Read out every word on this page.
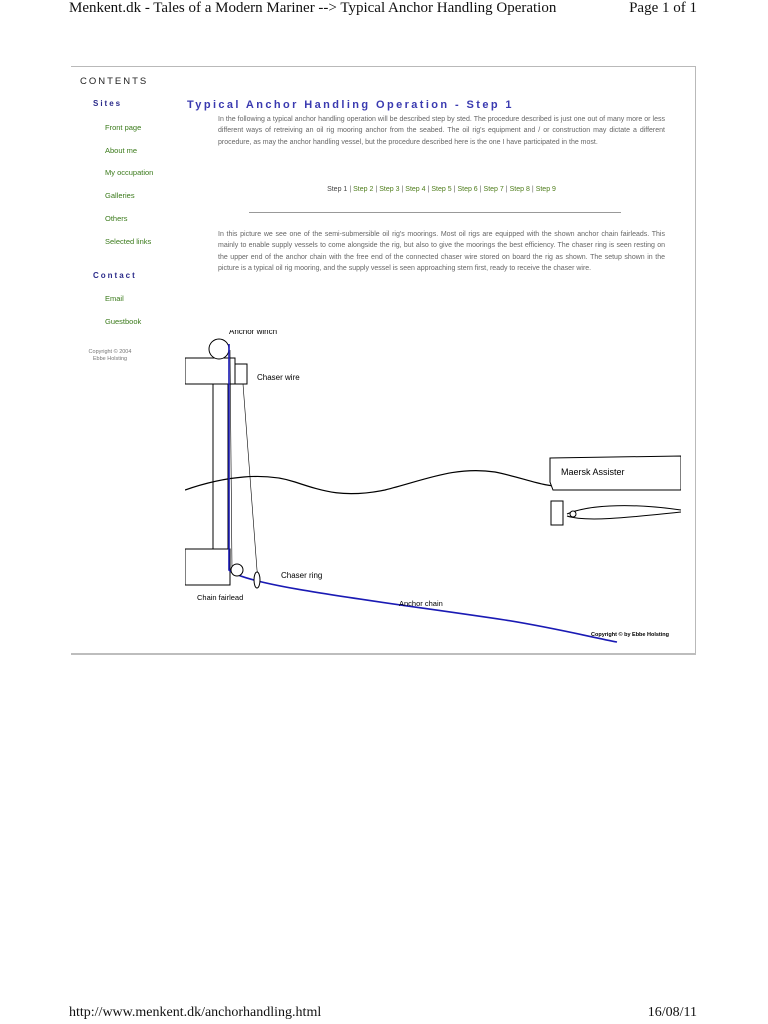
Menkent.dk - Tales of a Modern Mariner --> Typical Anchor Handling Operation	Page 1 of 1
CONTENTS
Sites
Front page
About me
My occupation
Galleries
Others
Selected links
Contact
Email
Guestbook
Copyright © 2004 Ebbe Holsting
Typical Anchor Handling Operation - Step 1

In the following a typical anchor handling operation will be described step by sted. The procedure described is just one out of many more or less different ways of retreiving an oil rig mooring anchor from the seabed. The oil rig's equipment and / or construction may dictate a different procedure, as may the anchor handling vessel, but the procedure described here is the one I have participated in the most.

Step 1 | Step 2 | Step 3 | Step 4 | Step 5 | Step 6 | Step 7 | Step 8 | Step 9

In this picture we see one of the semi-submersible oil rig's moorings. Most oil rigs are equipped with the shown anchor chain fairleads. This mainly to enable supply vessels to come alongside the rig, but also to give the moorings the best efficiency. The chaser ring is seen resting on the upper end of the anchor chain with the free end of the connected chaser wire stored on board the rig as shown. The setup shown in the picture is a typical oil rig mooring, and the supply vessel is seen approaching stern first, ready to receive the chaser wire.

Anchor winch
Chaser wire
Maersk Assister
Chaser ring
Chain fairlead
Anchor chain
Copyright © by Ebbe Holsting
http://www.menkent.dk/anchorhandling.html	16/08/11
